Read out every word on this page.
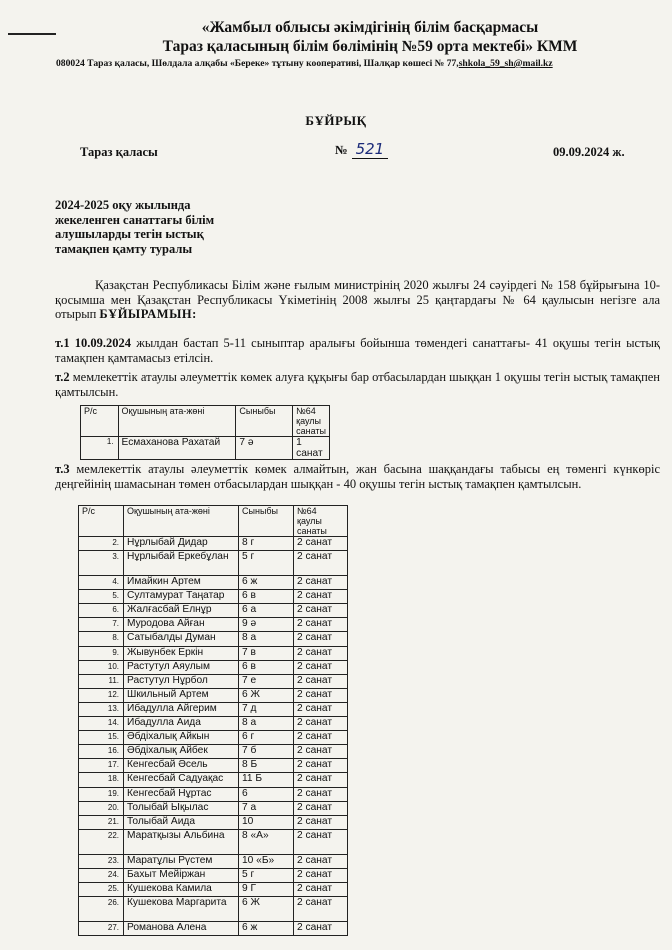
«Жамбыл облысы әкімдігінің білім басқармасы
Тараз қаласының білім бөлімінің №59 орта мектебі» КММ
080024 Тараз қаласы, Шөлдала алқабы «Береке» тұтыну кооперативі, Шалқар көшесі № 77,shkola_59_sh@mail.kz
БҰЙРЫҚ
Тараз қаласы	№ 521	09.09.2024 ж.
2024-2025 оқу жылында жекеленген санаттағы білім алушыларды тегін ыстық тамақпен қамту туралы
Қазақстан Республикасы Білім және ғылым министрінің 2020 жылғы 24 сәуірдегі № 158 бұйрығына 10-қосымша мен Қазақстан Республикасы Үкіметінің 2008 жылғы 25 қаңтардағы № 64 қаулысын негізге ала отырып БҰЙЫРАМЫН:
т.1 10.09.2024 жылдан бастап 5-11 сыныптар аралығы бойынша төмендегі санаттағы- 41 оқушы тегін ыстық тамақпен қамтамасыз етілсін.
т.2 мемлекеттік атаулы әлеуметтік көмек алуға құқығы бар отбасылардан шыққан 1 оқушы тегін ыстық тамақпен қамтылсын.
Р/с	Оқушының ата-жөні	Сыныбы	№64 қаулы санаты
1.	Есмаханова Рахатай	7 ә	1 санат
т.3 мемлекеттік атаулы әлеуметтік көмек алмайтын, жан басына шаққандағы табысы ең төменгі күнкөріс деңгейінің шамасынан төмен отбасылардан шыққан - 40 оқушы тегін ыстық тамақпен қамтылсын.
Р/с	Оқушының ата-жөні	Сыныбы	№64 қаулы санаты
2.	Нұрлыбай Дидар	8 г	2 санат
3.	Нұрлыбай Еркебұлан	5 г	2 санат
4.	Имайкин Артем	6 ж	2 санат
5.	Султамурат Таңатар	6 в	2 санат
6.	Жалғасбай Елнұр	6 а	2 санат
7.	Муродова Айған	9 ә	2 санат
8.	Сатыбалды Думан	8 а	2 санат
9.	Жывунбек Еркін	7 в	2 санат
10.	Растутул Аяулым	6 в	2 санат
11.	Растутул Нұрбол	7 е	2 санат
12.	Шкильный Артем	6 Ж	2 санат
13.	Ибадулла Айгерим	7 д	2 санат
14.	Ибадулла Аида	8 а	2 санат
15.	Әбдіхалық Айкын	6 г	2 санат
16.	Әбдіхалық Айбек	7 б	2 санат
17.	Кенгесбай Әсель	8 Б	2 санат
18.	Кенгесбай Садуақас	11 Б	2 санат
19.	Кенгесбай Нұртас	6	2 санат
20.	Толыбай Ықылас	7 а	2 санат
21.	Толыбай Аида	10	2 санат
22.	Маратқызы Альбина	8 «А»	2 санат
23.	Маратұлы Рүстем	10 «Б»	2 санат
24.	Бахыт Мейіржан	5 г	2 санат
25.	Кушекова Камила	9 Г	2 санат
26.	Кушекова Маргарита	6 Ж	2 санат
27.	Романова Алена	6 ж	2 санат
